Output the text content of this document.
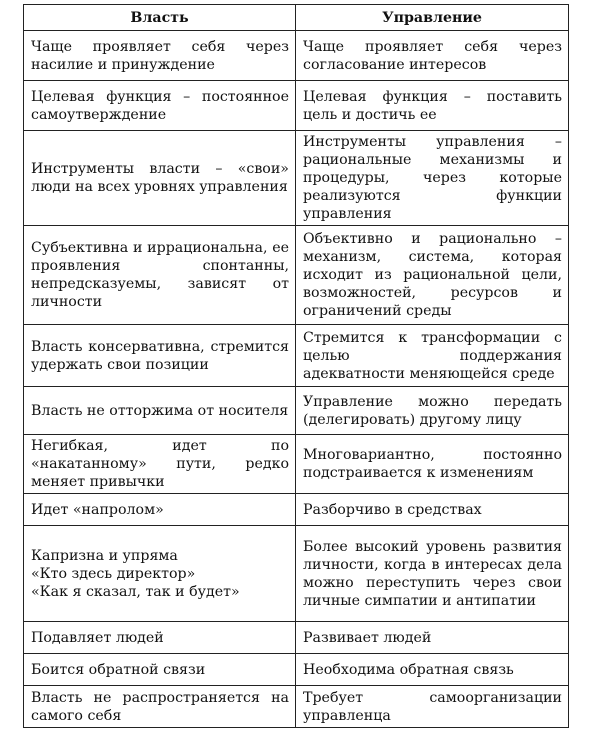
Власть	Управление

Чаще проявляет себя через насилие и принуждение	Чаще проявляет себя через согласование интересов

Целевая функция – постоянное самоутверждение	Целевая функция – поставить цель и достичь ее

Инструменты власти – «свои» люди на всех уровнях управления	Инструменты управления – рациональные механизмы и процедуры, через которые реализуются функции управления

Субъективна и иррациональна, ее проявления спонтанны, непредсказуемы, зависят от личности	Объективно и рационально – механизм, система, которая исходит из рациональной цели, возможностей, ресурсов и ограничений среды

Власть консервативна, стремится удержать свои позиции	Стремится к трансформации с целью поддержания адекватности меняющейся среде

Власть не отторжима от носителя	Управление можно передать (делегировать) другому лицу

Негибкая, идет по «накатанному» пути, редко меняет привычки	Многовариантно, постоянно подстраивается к изменениям

Идет «напролом»	Разборчиво в средствах

Капризна и упряма
«Кто здесь директор»
«Как я сказал, так и будет»	Более высокий уровень развития личности, когда в интересах дела можно переступить через свои личные симпатии и антипатии

Подавляет людей	Развивает людей

Боится обратной связи	Необходима обратная связь

Власть не распространяется на самого себя	Требует самоорганизации управленца
